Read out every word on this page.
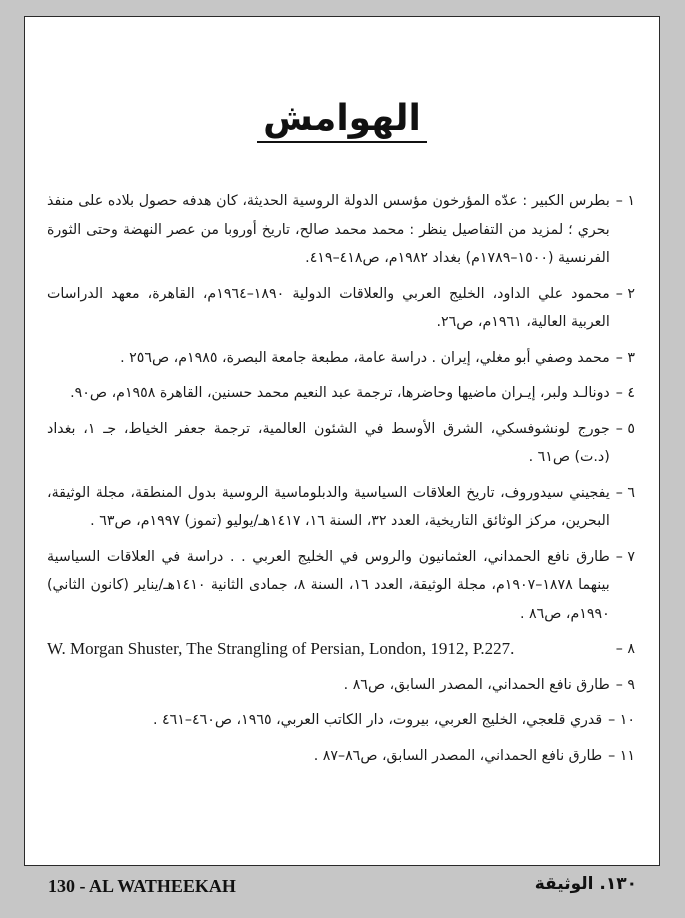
الهوامش
١ –
بطرس الكبير : عدّه المؤرخون مؤسس الدولة الروسية الحديثة، كان هدفه حصول بلاده على منفذ بحري ؛ لمزيد من التفاصيل ينظر : محمد محمد صالح، تاريخ أوروبا من عصر النهضة وحتى الثورة الفرنسية (١٥٠٠–١٧٨٩م) بغداد ١٩٨٢م، ص٤١٨–٤١٩.
٢ –
محمود علي الداود، الخليج العربي والعلاقات الدولية ١٨٩٠–١٩٦٤م، القاهرة، معهد الدراسات العربية العالية، ١٩٦١م، ص٢٦.
٣ –
محمد وصفي أبو مغلي، إيران . دراسة عامة، مطبعة جامعة البصرة، ١٩٨٥م، ص٢٥٦ .
٤ –
دونالـد ولبر، إيـران ماضيها وحاضرها، ترجمة عبد النعيم محمد حسنين، القاهرة ١٩٥٨م، ص٩٠.
٥ –
جورج لونشوفسكي، الشرق الأوسط في الشئون العالمية، ترجمة جعفر الخياط، جـ ١، بغداد (د.ت) ص٦١ .
٦ –
يفجيني سيدوروف، تاريخ العلاقات السياسية والدبلوماسية الروسية بدول المنطقة، مجلة الوثيقة، البحرين، مركز الوثائق التاريخية، العدد ٣٢، السنة ١٦، ١٤١٧هـ/يوليو (تموز) ١٩٩٧م، ص٦٣ .
٧ –
طارق نافع الحمداني، العثمانيون والروس في الخليج العربي . . دراسة في العلاقات السياسية بينهما ١٨٧٨–١٩٠٧م، مجلة الوثيقة، العدد ١٦، السنة ٨، جمادى الثانية ١٤١٠هـ/يناير (كانون الثاني) ١٩٩٠م، ص٨٦ .
W. Morgan Shuster, The Strangling of Persian, London, 1912, P.227.	٨ –
٩ –
طارق نافع الحمداني، المصدر السابق، ص٨٦ .
١٠ –
قدري قلعجي، الخليج العربي، بيروت، دار الكاتب العربي، ١٩٦٥، ص٤٦٠–٤٦١ .
١١ –
طارق نافع الحمداني، المصدر السابق، ص٨٦–٨٧ .
130 - AL WATHEEKAH	١٣٠. الوثيقة
